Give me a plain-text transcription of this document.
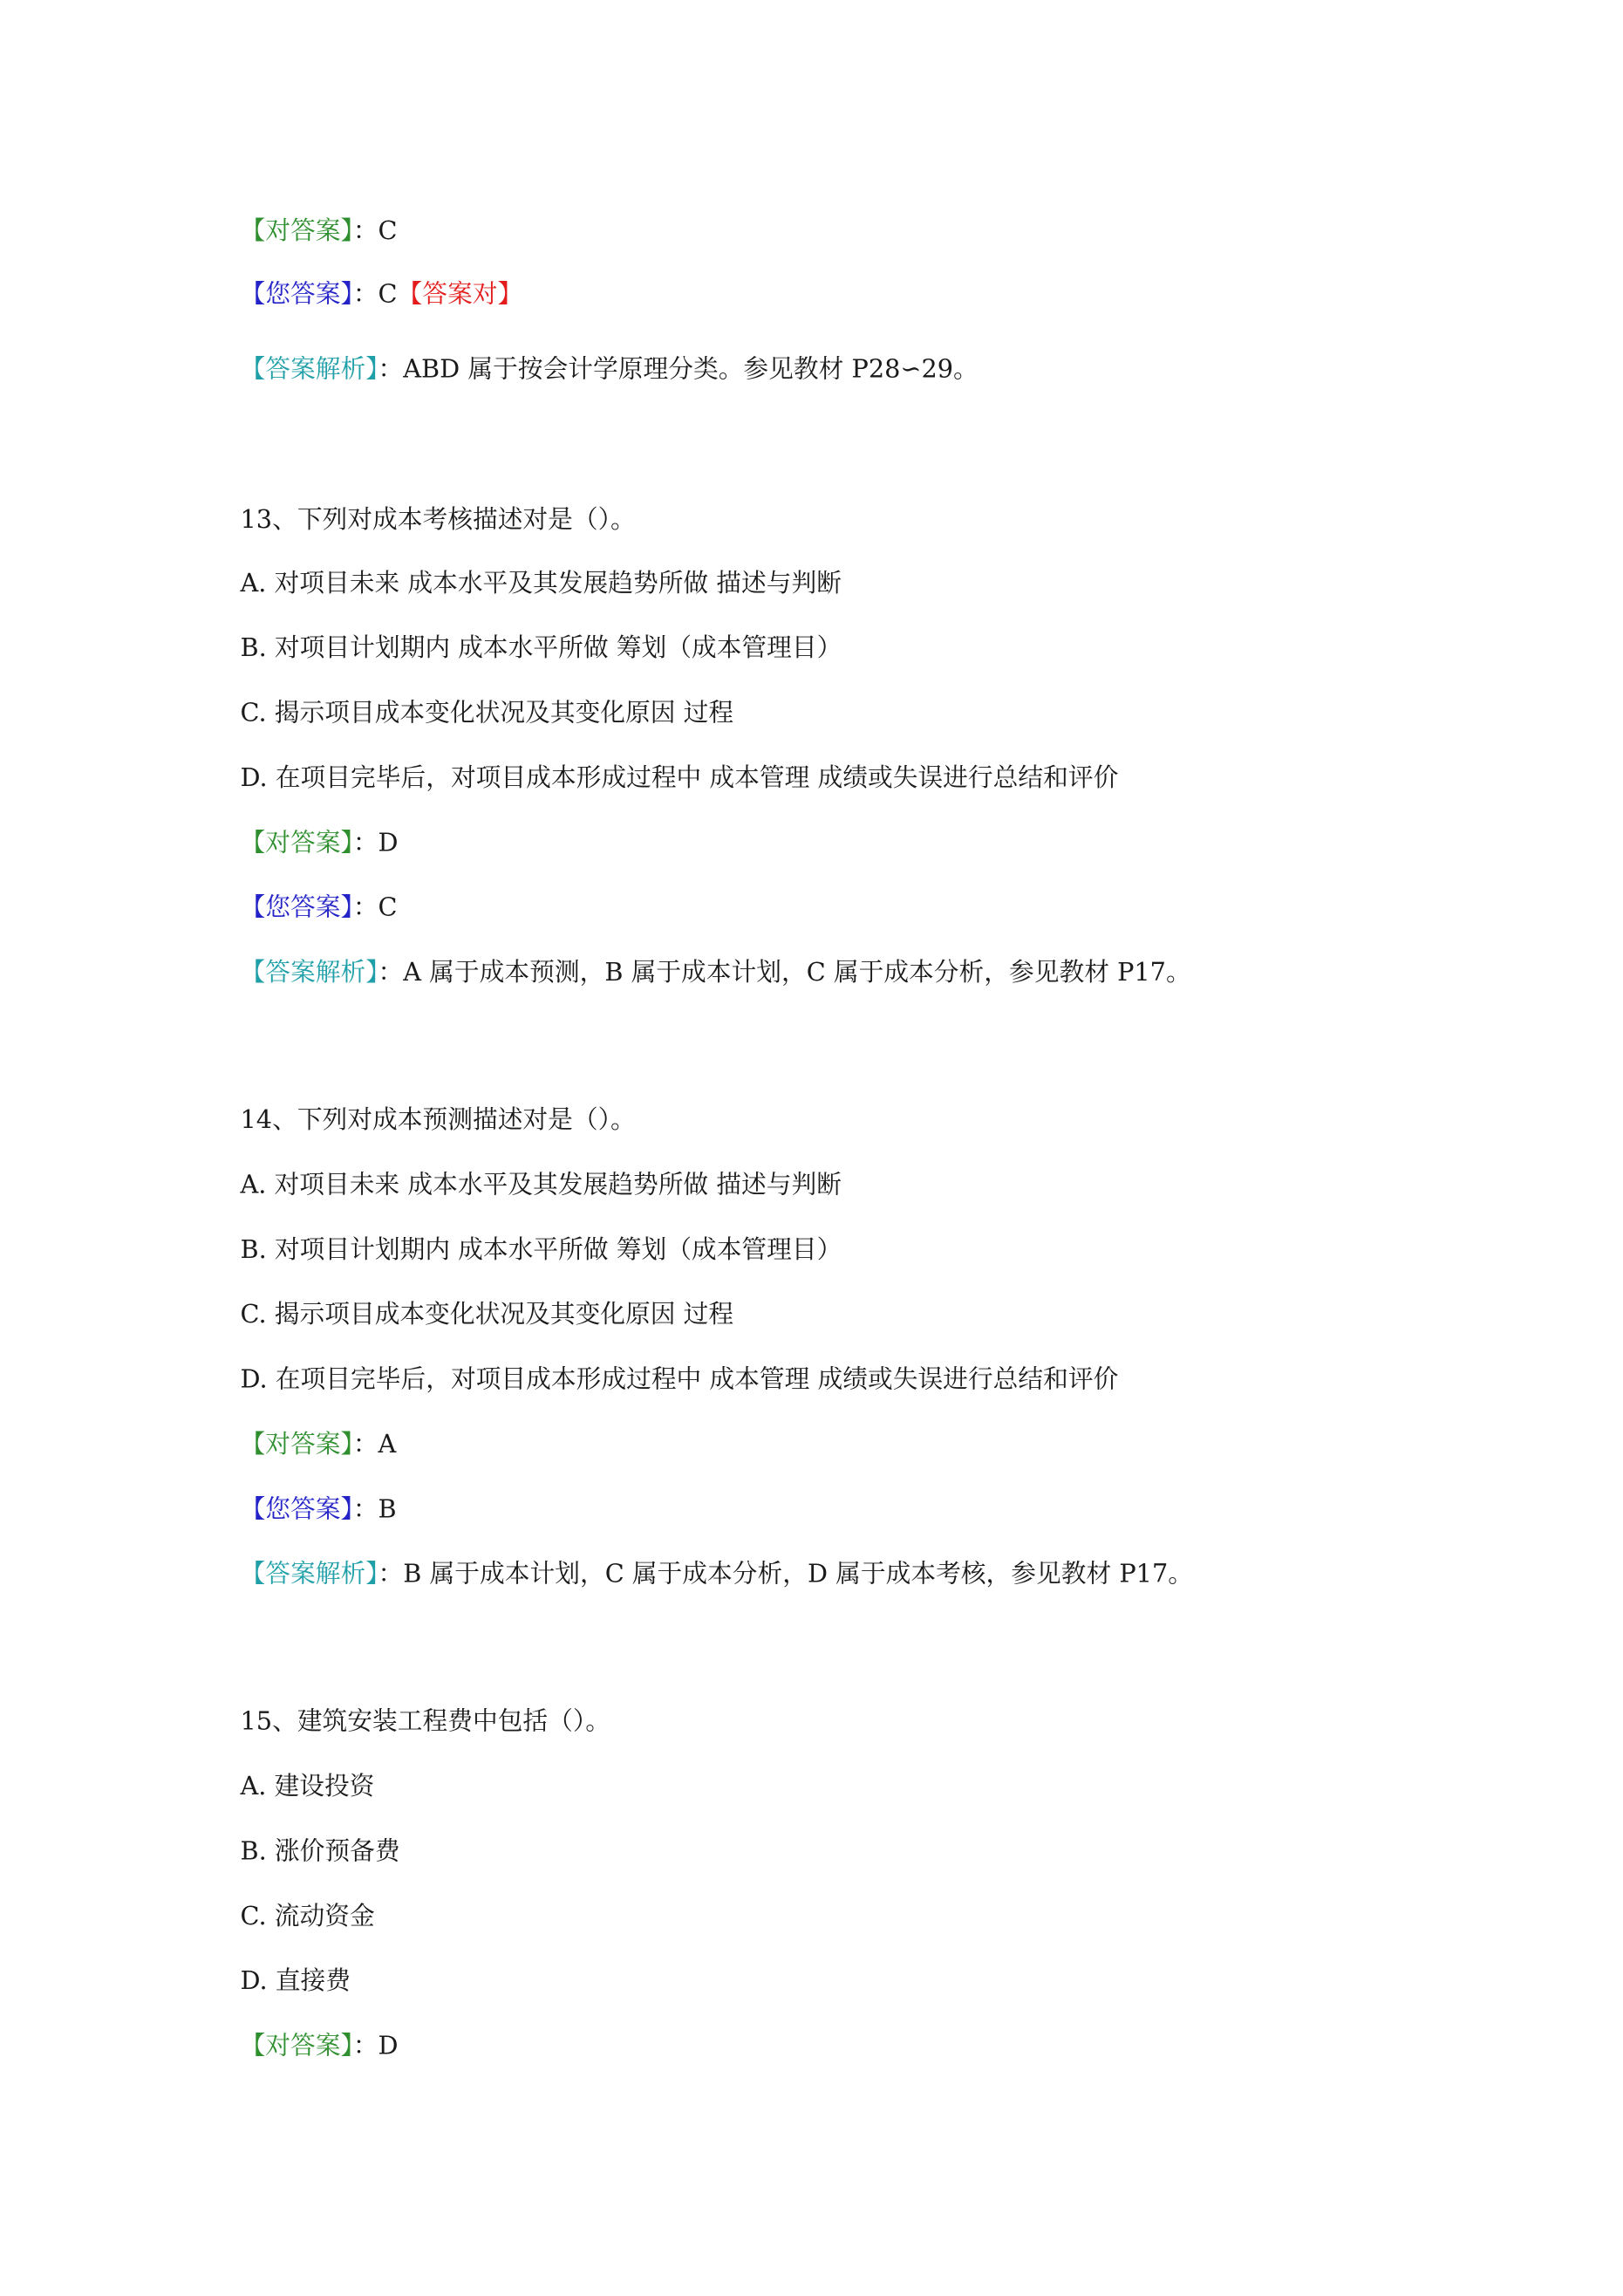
【对答案】：C
【您答案】：C【答案对】
【答案解析】：ABD 属于按会计学原理分类。参见教材 P28∽29。
13、下列对成本考核描述对是（）。
A. 对项目未来 成本水平及其发展趋势所做 描述与判断
B. 对项目计划期内 成本水平所做 筹划（成本管理目）
C. 揭示项目成本变化状况及其变化原因 过程
D. 在项目完毕后，对项目成本形成过程中 成本管理 成绩或失误进行总结和评价
【对答案】：D
【您答案】：C
【答案解析】：A 属于成本预测，B 属于成本计划，C 属于成本分析，参见教材 P17。
14、下列对成本预测描述对是（）。
A. 对项目未来 成本水平及其发展趋势所做 描述与判断
B. 对项目计划期内 成本水平所做 筹划（成本管理目）
C. 揭示项目成本变化状况及其变化原因 过程
D. 在项目完毕后，对项目成本形成过程中 成本管理 成绩或失误进行总结和评价
【对答案】：A
【您答案】：B
【答案解析】：B 属于成本计划，C 属于成本分析，D 属于成本考核，参见教材 P17。
15、建筑安装工程费中包括（）。
A. 建设投资
B. 涨价预备费
C. 流动资金
D. 直接费
【对答案】：D
